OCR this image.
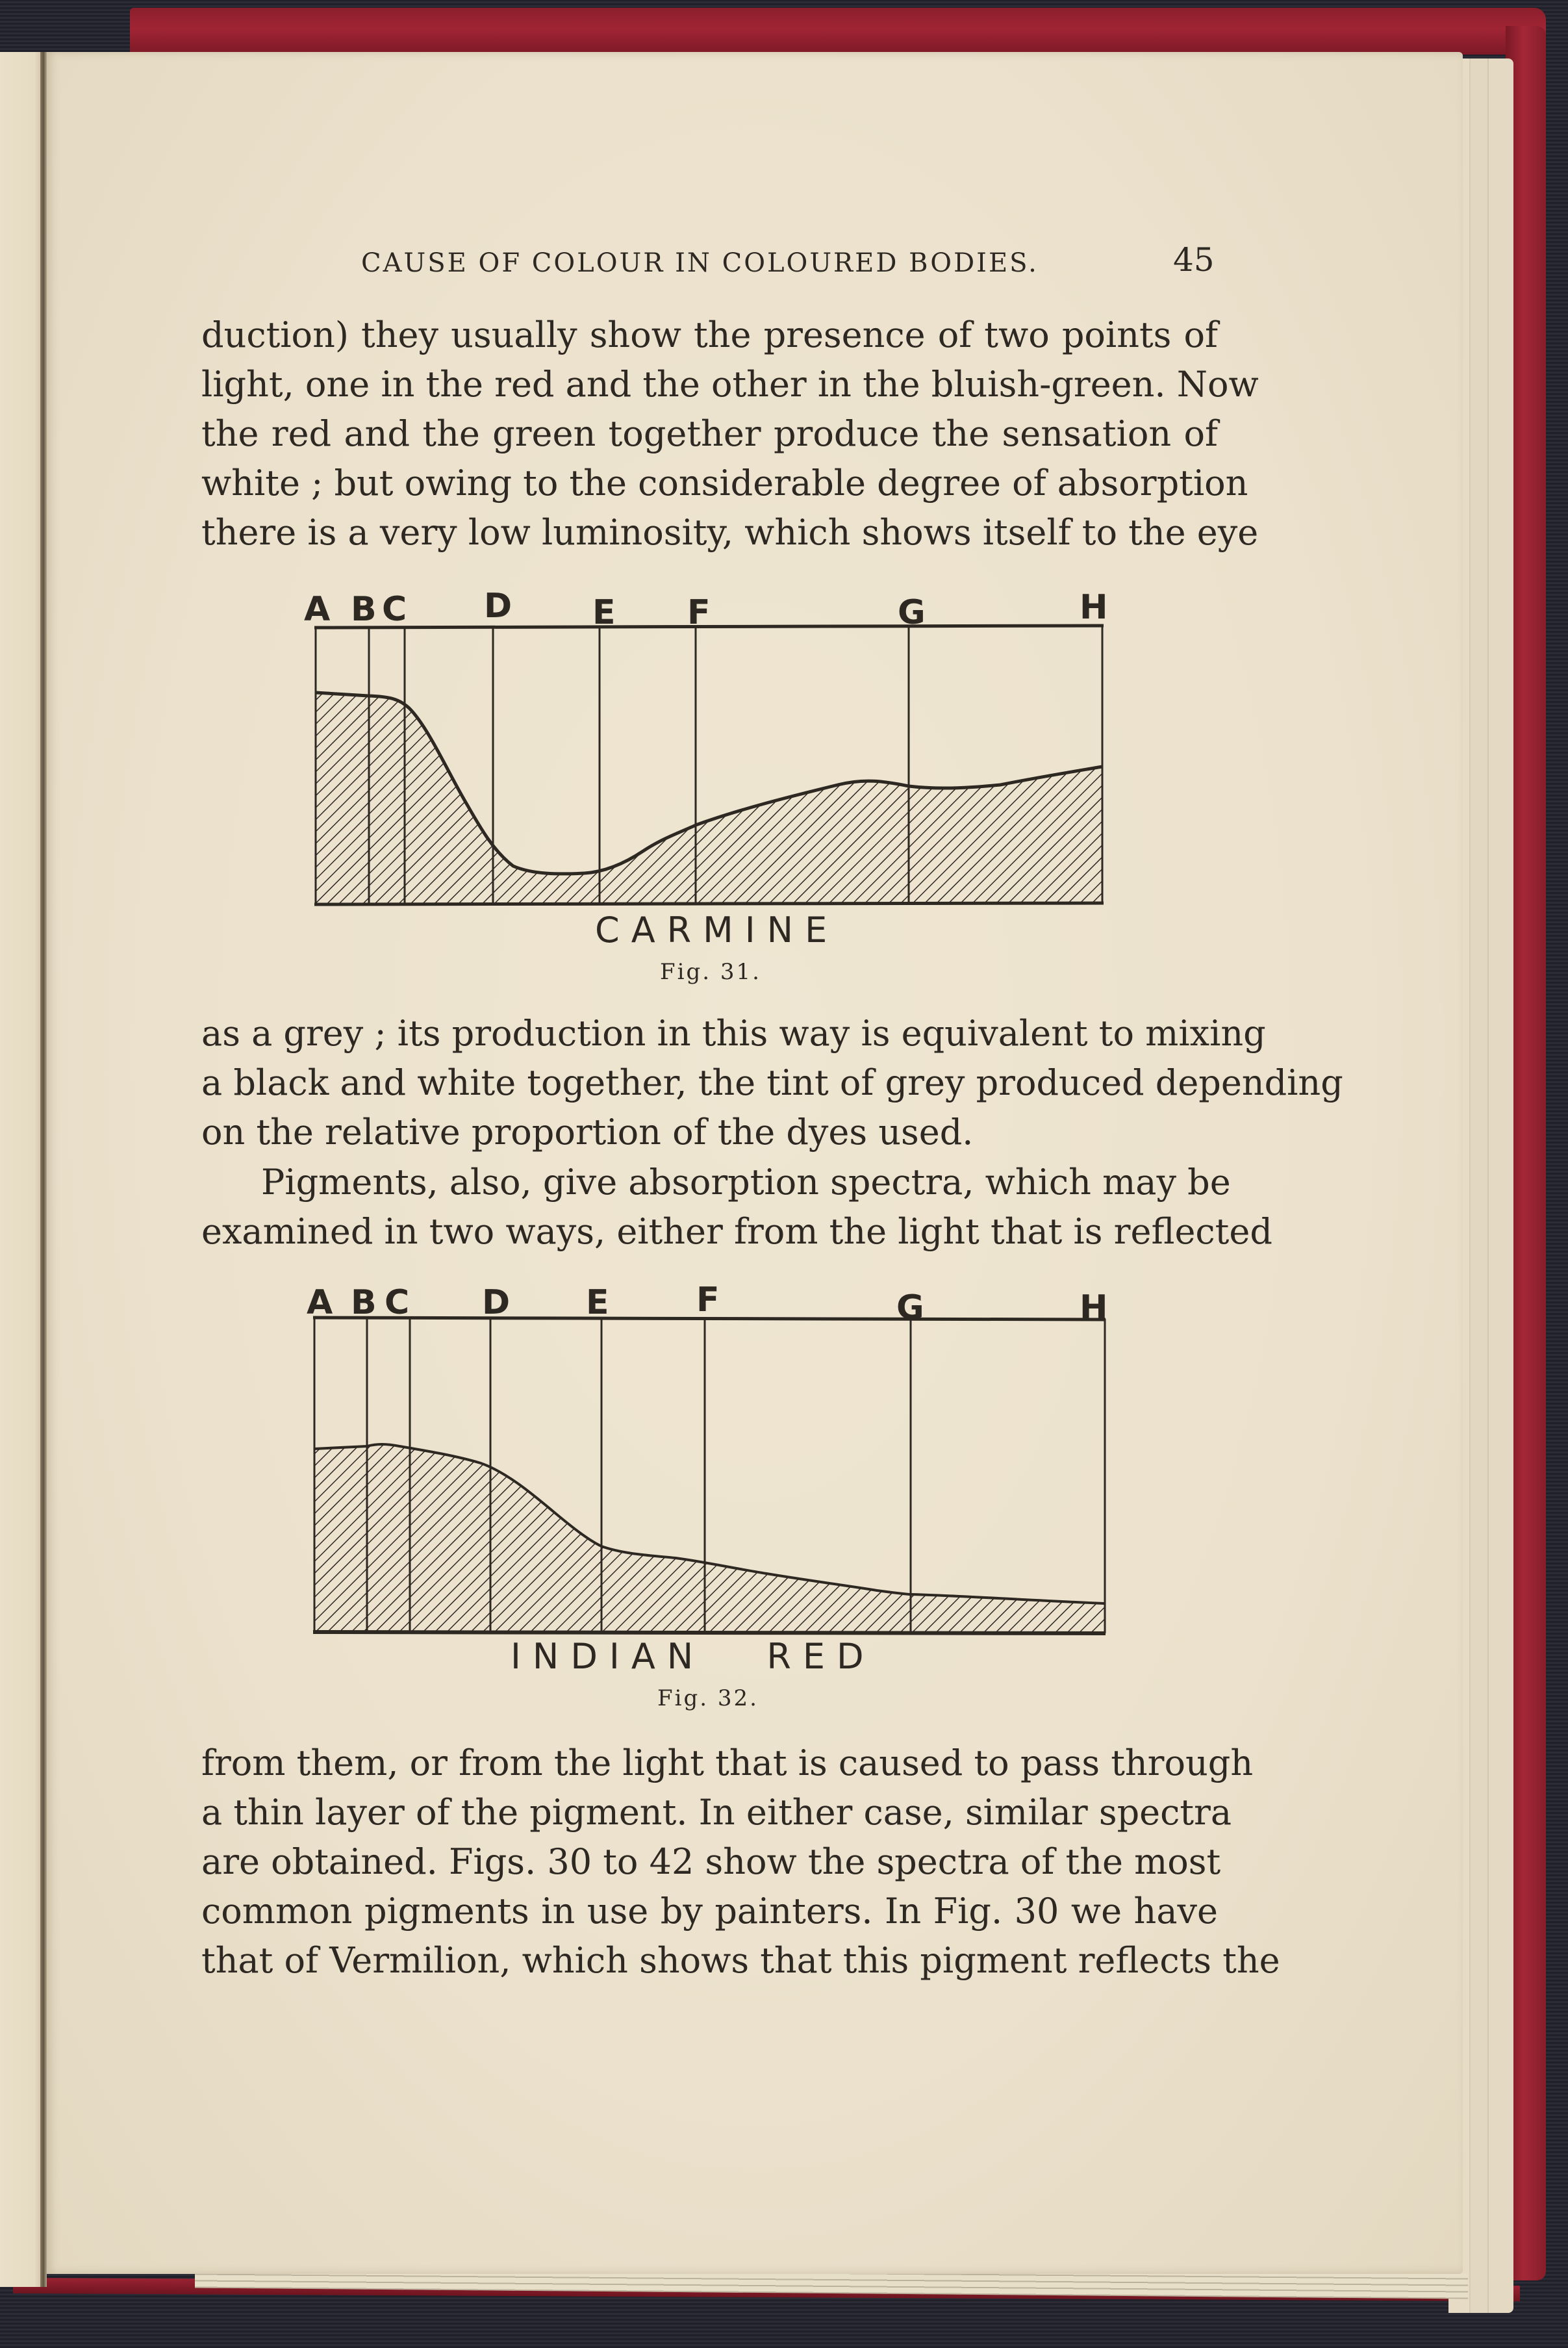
CAUSE OF COLOUR IN COLOURED BODIES.	45
duction) they usually show the presence of two points of
light, one in the red and the other in the bluish-green. Now
the red and the green together produce the sensation of
white ; but owing to the considerable degree of absorption
there is a very low luminosity, which shows itself to the eye
A B C D E F	G	H
CARMINE
Fig. 31.
as a grey ; its production in this way is equivalent to mixing
a black and white together, the tint of grey produced depending
on the relative proportion of the dyes used.
Pigments, also, give absorption spectra, which may be
examined in two ways, either from the light that is reflected
A B C D E	F	G	H
INDIAN RED
Fig. 32.
from them, or from the light that is caused to pass through
a thin layer of the pigment. In either case, similar spectra
are obtained. Figs. 30 to 42 show the spectra of the most
common pigments in use by painters. In Fig. 30 we have
that of Vermilion, which shows that this pigment reflects the
